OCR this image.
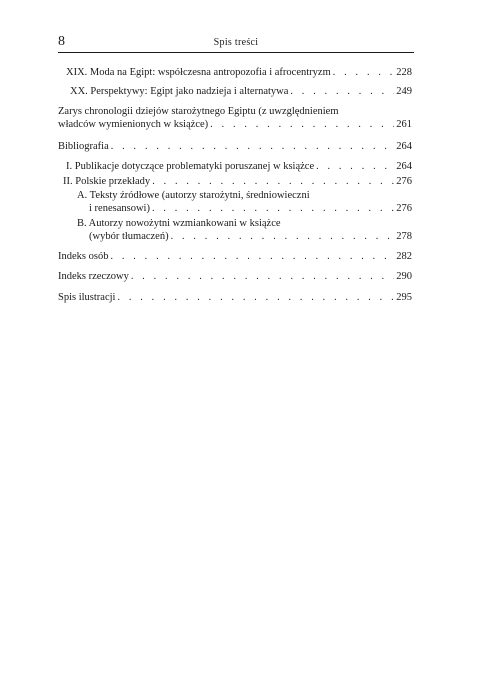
8	Spis treści
XIX. Moda na Egipt: współczesna antropozofia i afrocentryzm . . .	228
XX. Perspektywy: Egipt jako nadzieja i alternatywa . . .	249
Zarys chronologii dziejów starożytnego Egiptu (z uwzględnieniem
władców wymienionych w książce) . . .	261
Bibliografia . . .	264
I. Publikacje dotyczące problematyki poruszanej w książce . . .	264
II. Polskie przekłady . . .	276
A. Teksty źródłowe (autorzy starożytni, średniowieczni
i renesansowi) . . .	276
B. Autorzy nowożytni wzmiankowani w książce
(wybór tłumaczeń) . . .	278
Indeks osób . . .	282
Indeks rzeczowy . . .	290
Spis ilustracji . . .	295
